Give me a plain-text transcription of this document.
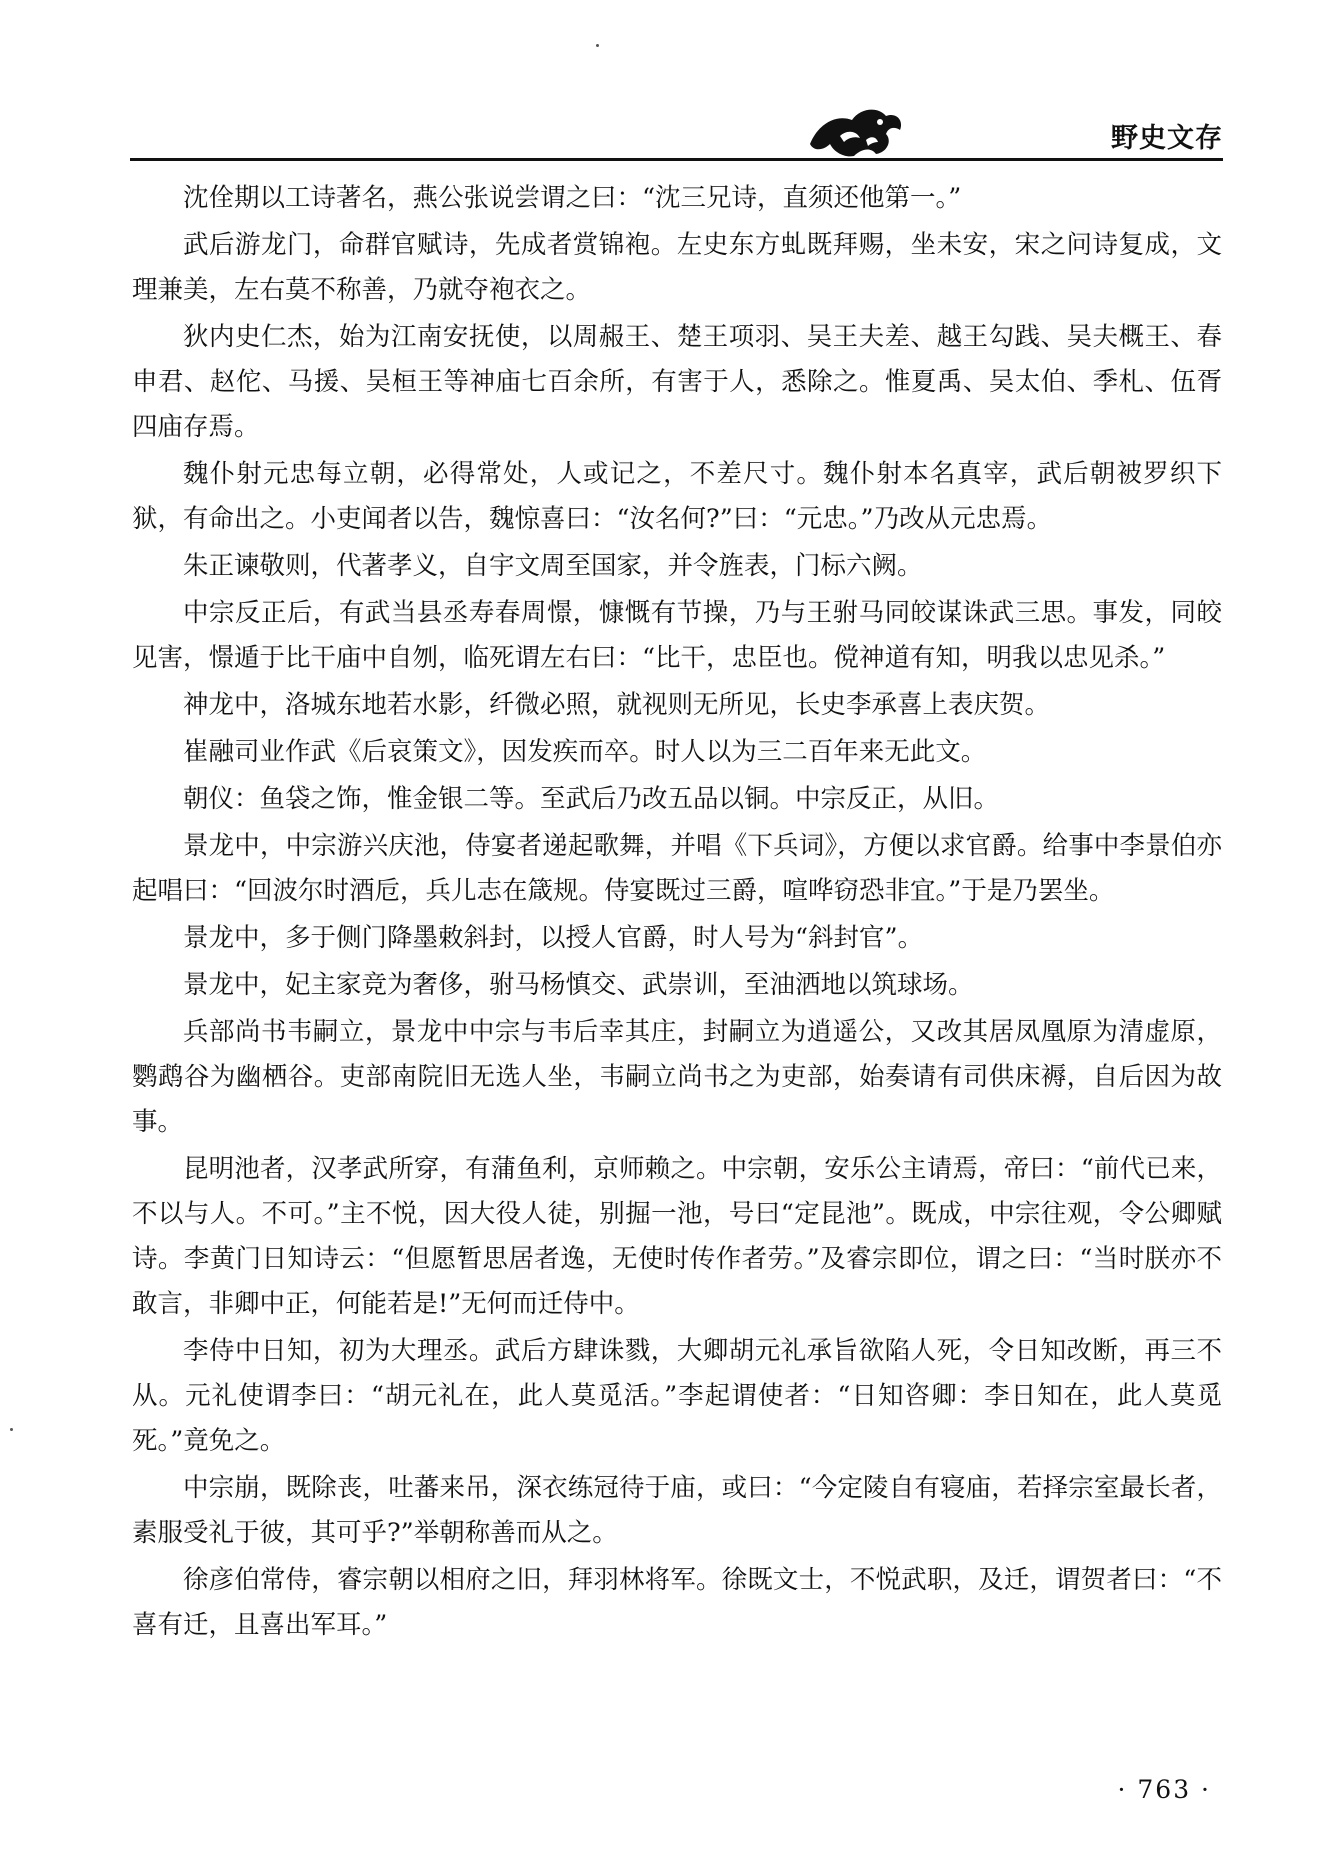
野史文存

沈佺期以工诗著名，燕公张说尝谓之曰：“沈三兄诗，直须还他第一。”

武后游龙门，命群官赋诗，先成者赏锦袍。左史东方虬既拜赐，坐未安，宋之问诗复成，文理兼美，左右莫不称善，乃就夺袍衣之。

狄内史仁杰，始为江南安抚使，以周赧王、楚王项羽、吴王夫差、越王勾践、吴夫概王、春申君、赵佗、马援、吴桓王等神庙七百余所，有害于人，悉除之。惟夏禹、吴太伯、季札、伍胥四庙存焉。

魏仆射元忠每立朝，必得常处，人或记之，不差尺寸。魏仆射本名真宰，武后朝被罗织下狱，有命出之。小吏闻者以告，魏惊喜曰：“汝名何?”曰：“元忠。”乃改从元忠焉。

朱正谏敬则，代著孝义，自宇文周至国家，并令旌表，门标六阙。

中宗反正后，有武当县丞寿春周憬，慷慨有节操，乃与王驸马同皎谋诛武三思。事发，同皎见害，憬遁于比干庙中自刎，临死谓左右曰：“比干，忠臣也。傥神道有知，明我以忠见杀。”

神龙中，洛城东地若水影，纤微必照，就视则无所见，长史李承喜上表庆贺。

崔融司业作武《后哀策文》，因发疾而卒。时人以为三二百年来无此文。

朝仪：鱼袋之饰，惟金银二等。至武后乃改五品以铜。中宗反正，从旧。

景龙中，中宗游兴庆池，侍宴者递起歌舞，并唱《下兵词》，方便以求官爵。给事中李景伯亦起唱曰：“回波尔时酒卮，兵儿志在箴规。侍宴既过三爵，喧哗窃恐非宜。”于是乃罢坐。

景龙中，多于侧门降墨敕斜封，以授人官爵，时人号为“斜封官”。

景龙中，妃主家竞为奢侈，驸马杨慎交、武崇训，至油洒地以筑球场。

兵部尚书韦嗣立，景龙中中宗与韦后幸其庄，封嗣立为逍遥公，又改其居凤凰原为清虚原，鹦鹉谷为幽栖谷。吏部南院旧无选人坐，韦嗣立尚书之为吏部，始奏请有司供床褥，自后因为故事。

昆明池者，汉孝武所穿，有蒲鱼利，京师赖之。中宗朝，安乐公主请焉，帝曰：“前代已来，不以与人。不可。”主不悦，因大役人徒，别掘一池，号曰“定昆池”。既成，中宗往观，令公卿赋诗。李黄门日知诗云：“但愿暂思居者逸，无使时传作者劳。”及睿宗即位，谓之曰：“当时朕亦不敢言，非卿中正，何能若是!”无何而迁侍中。

李侍中日知，初为大理丞。武后方肆诛戮，大卿胡元礼承旨欲陷人死，令日知改断，再三不从。元礼使谓李曰：“胡元礼在，此人莫觅活。”李起谓使者：“日知咨卿：李日知在，此人莫觅死。”竟免之。

中宗崩，既除丧，吐蕃来吊，深衣练冠待于庙，或曰：“今定陵自有寝庙，若择宗室最长者，素服受礼于彼，其可乎?”举朝称善而从之。

徐彦伯常侍，睿宗朝以相府之旧，拜羽林将军。徐既文士，不悦武职，及迁，谓贺者曰：“不喜有迁，且喜出军耳。”

· 763 ·
